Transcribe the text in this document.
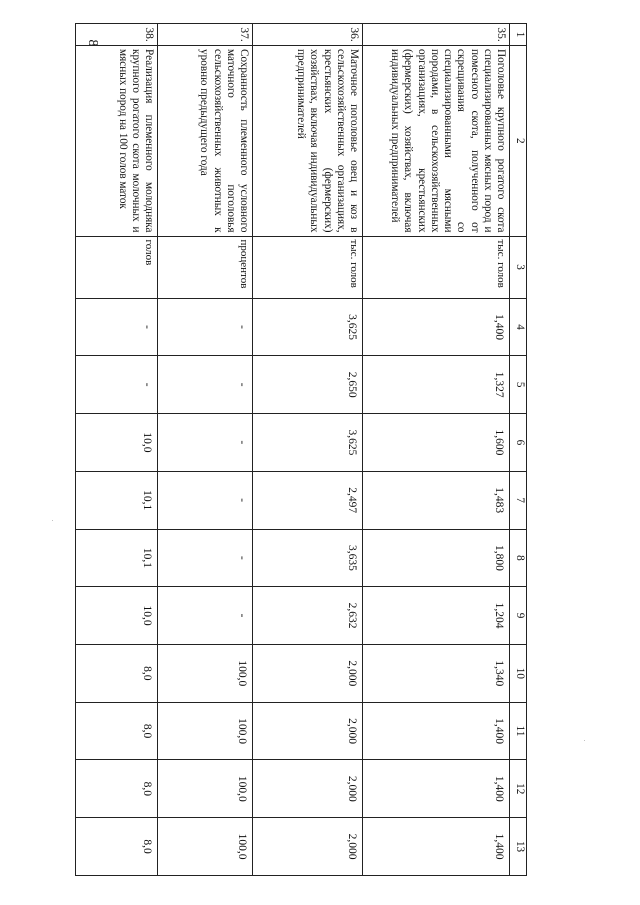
8
1	2	3	4	5	6	7	8	9	10	11	12	13
35.	Поголовье крупного рогатого скота специализированных мясных пород и помесного скота, полученного от скрещивания со специализированными мясными породами, в сельскохозяйственных организациях, крестьянских (фермерских) хозяйствах, включая индивидуальных предпринимателей	тыс. голов	1,400	1,327	1,600	1,483	1,800	1,204	1,340	1,400	1,400	1,400
36.	Маточное поголовье овец и коз в сельскохозяйственных организациях, крестьянских (фермерских) хозяйствах, включая индивидуальных предпринимателей	тыс. голов	3,625	2,650	3,625	2,497	3,635	2,632	2,000	2,000	2,000	2,000
37.	Сохранность племенного условного маточного поголовья сельскохозяйственных животных к уровню предыдущего года	процентов	-	-	-	-	-	-	100,0	100,0	100,0	100,0
38.	Реализация племенного молодняка крупного рогатого скота молочных и мясных пород на 100 голов маток	голов	-	-	10,0	10,1	10,1	10,0	8,0	8,0	8,0	8,0
